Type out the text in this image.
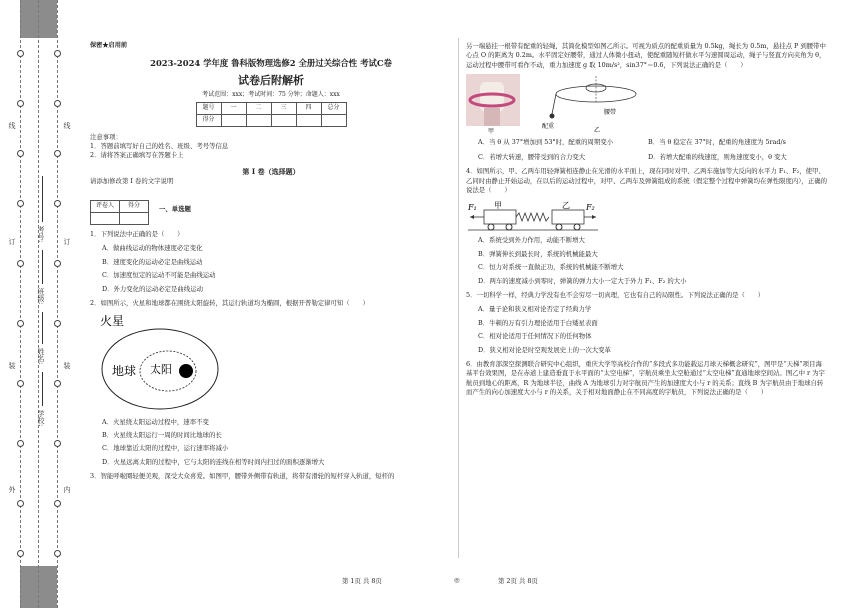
线
订
装
外
线
订
装
内
考号:
班级:
姓名:
学校:

保密★启用前

2023-2024 学年度 鲁科版物理选修2 全册过关综合性 考试C卷

试卷后附解析

考试范围：xxx；考试时间：75 分钟；命题人：xxx

题号	一	二	三	四	总分
得分					

注意事项：

1．答题前填写好自己的姓名、班级、考号等信息

2．请将答案正确填写在答题卡上

第 I 卷（选择题）

请添加修改第 I 卷的文字说明

评卷人	得分
		一、单选题

1．下列说法中正确的是（　　）

A．做曲线运动的物体速度必定变化

B．速度变化的运动必定是曲线运动

C．加速度恒定的运动不可能是曲线运动

D．外力变化的运动必定是曲线运动

2．如图所示，火星和地球都在围绕太阳旋转，其运行轨道均为椭圆，根据开普勒定律可知（　　）

火星
地球 太阳

A．火星绕太阳运动过程中，速率不变

B．火星绕太阳运行一周的时间比地球的长

C．地球靠近太阳的过程中，运行速率将减小

D．火星远离太阳的过程中，它与太阳的连线在相等时间内扫过的面积逐渐增大

3．智能呼啦圈轻便美观，深受大众喜爱。如图甲，腰带外侧带有轨道，将带有滑轮的短杆穿入轨道，短杆的

另一端悬挂一根带有配重的轻绳，其简化模型如图乙所示。可视为质点的配重质量为 0.5kg，绳长为 0.5m，悬挂点 P 到腰带中心点 O 的距离为 0.2m。水平固定好腰带，通过人体微小扭动，使配重随短杆做水平匀速圆周运动，绳子与竖直方向夹角为 θ，运动过程中腰带可看作不动，重力加速度 g 取 10m/s²，sin37°＝0.6，下列说法正确的是（　　）

甲
腰带
配重
乙

A．当 θ 从 37°增加到 53°时，配重的周期变小	B．当 θ 稳定在 37°时，配重的角速度为 5rad/s

C．若增大转速，腰带受到的合力变大	D．若增大配重的线速度，则角速度变小，θ 变大

4．如图所示，甲、乙两车用轻弹簧相连静止在光滑的水平面上，现在同时对甲、乙两车施加等大反向的水平力 F₁、F₂，使甲、乙同时由静止开始运动，在以后的运动过程中，对甲、乙两车及弹簧组成的系统（假定整个过程中弹簧均在弹性限度内），正确的说法是（　　）

F₁	F₂
甲	乙

A．系统受到外力作用，动能不断增大

B．弹簧伸长到最长时，系统的机械能最大

C．恒力对系统一直做正功，系统的机械能不断增大

D．两车的速度减小到零时，弹簧的弹力大小一定大于外力 F₁、F₂ 的大小

5．一切科学一样，经典力学没有也不会穷尽一切真理，它也有自己的局限性。下列说法正确的是（　　）

A．量子论和狭义相对论否定了经典力学

B．牛顿的万有引力理论适用于白矮星表面

C．相对论适用于任何情况下的任何物体

D．狭义相对论是时空观发展史上的一次大变革

6．由教育部深空探测联合研究中心组织，重庆大学等高校合作的“多段式多功能载运月球天梯概念研究”，图甲是“天梯”项目海基平台效果图，是在赤道上建造垂直于水平面的“太空电梯”，宇航员乘坐太空舱通过“太空电梯”直通地球空间站。图乙中 r 为宇航员到地心的距离，R 为地球半径，曲线 A 为地球引力对宇航员产生的加速度大小与 r 的关系；直线 B 为宇航员由于地球自转而产生的向心加速度大小与 r 的关系，关于相对地面静止在不同高度的宇航员，下列说法正确的是（　　）

第 1页 共 8页	◎	第 2页 共 8页
